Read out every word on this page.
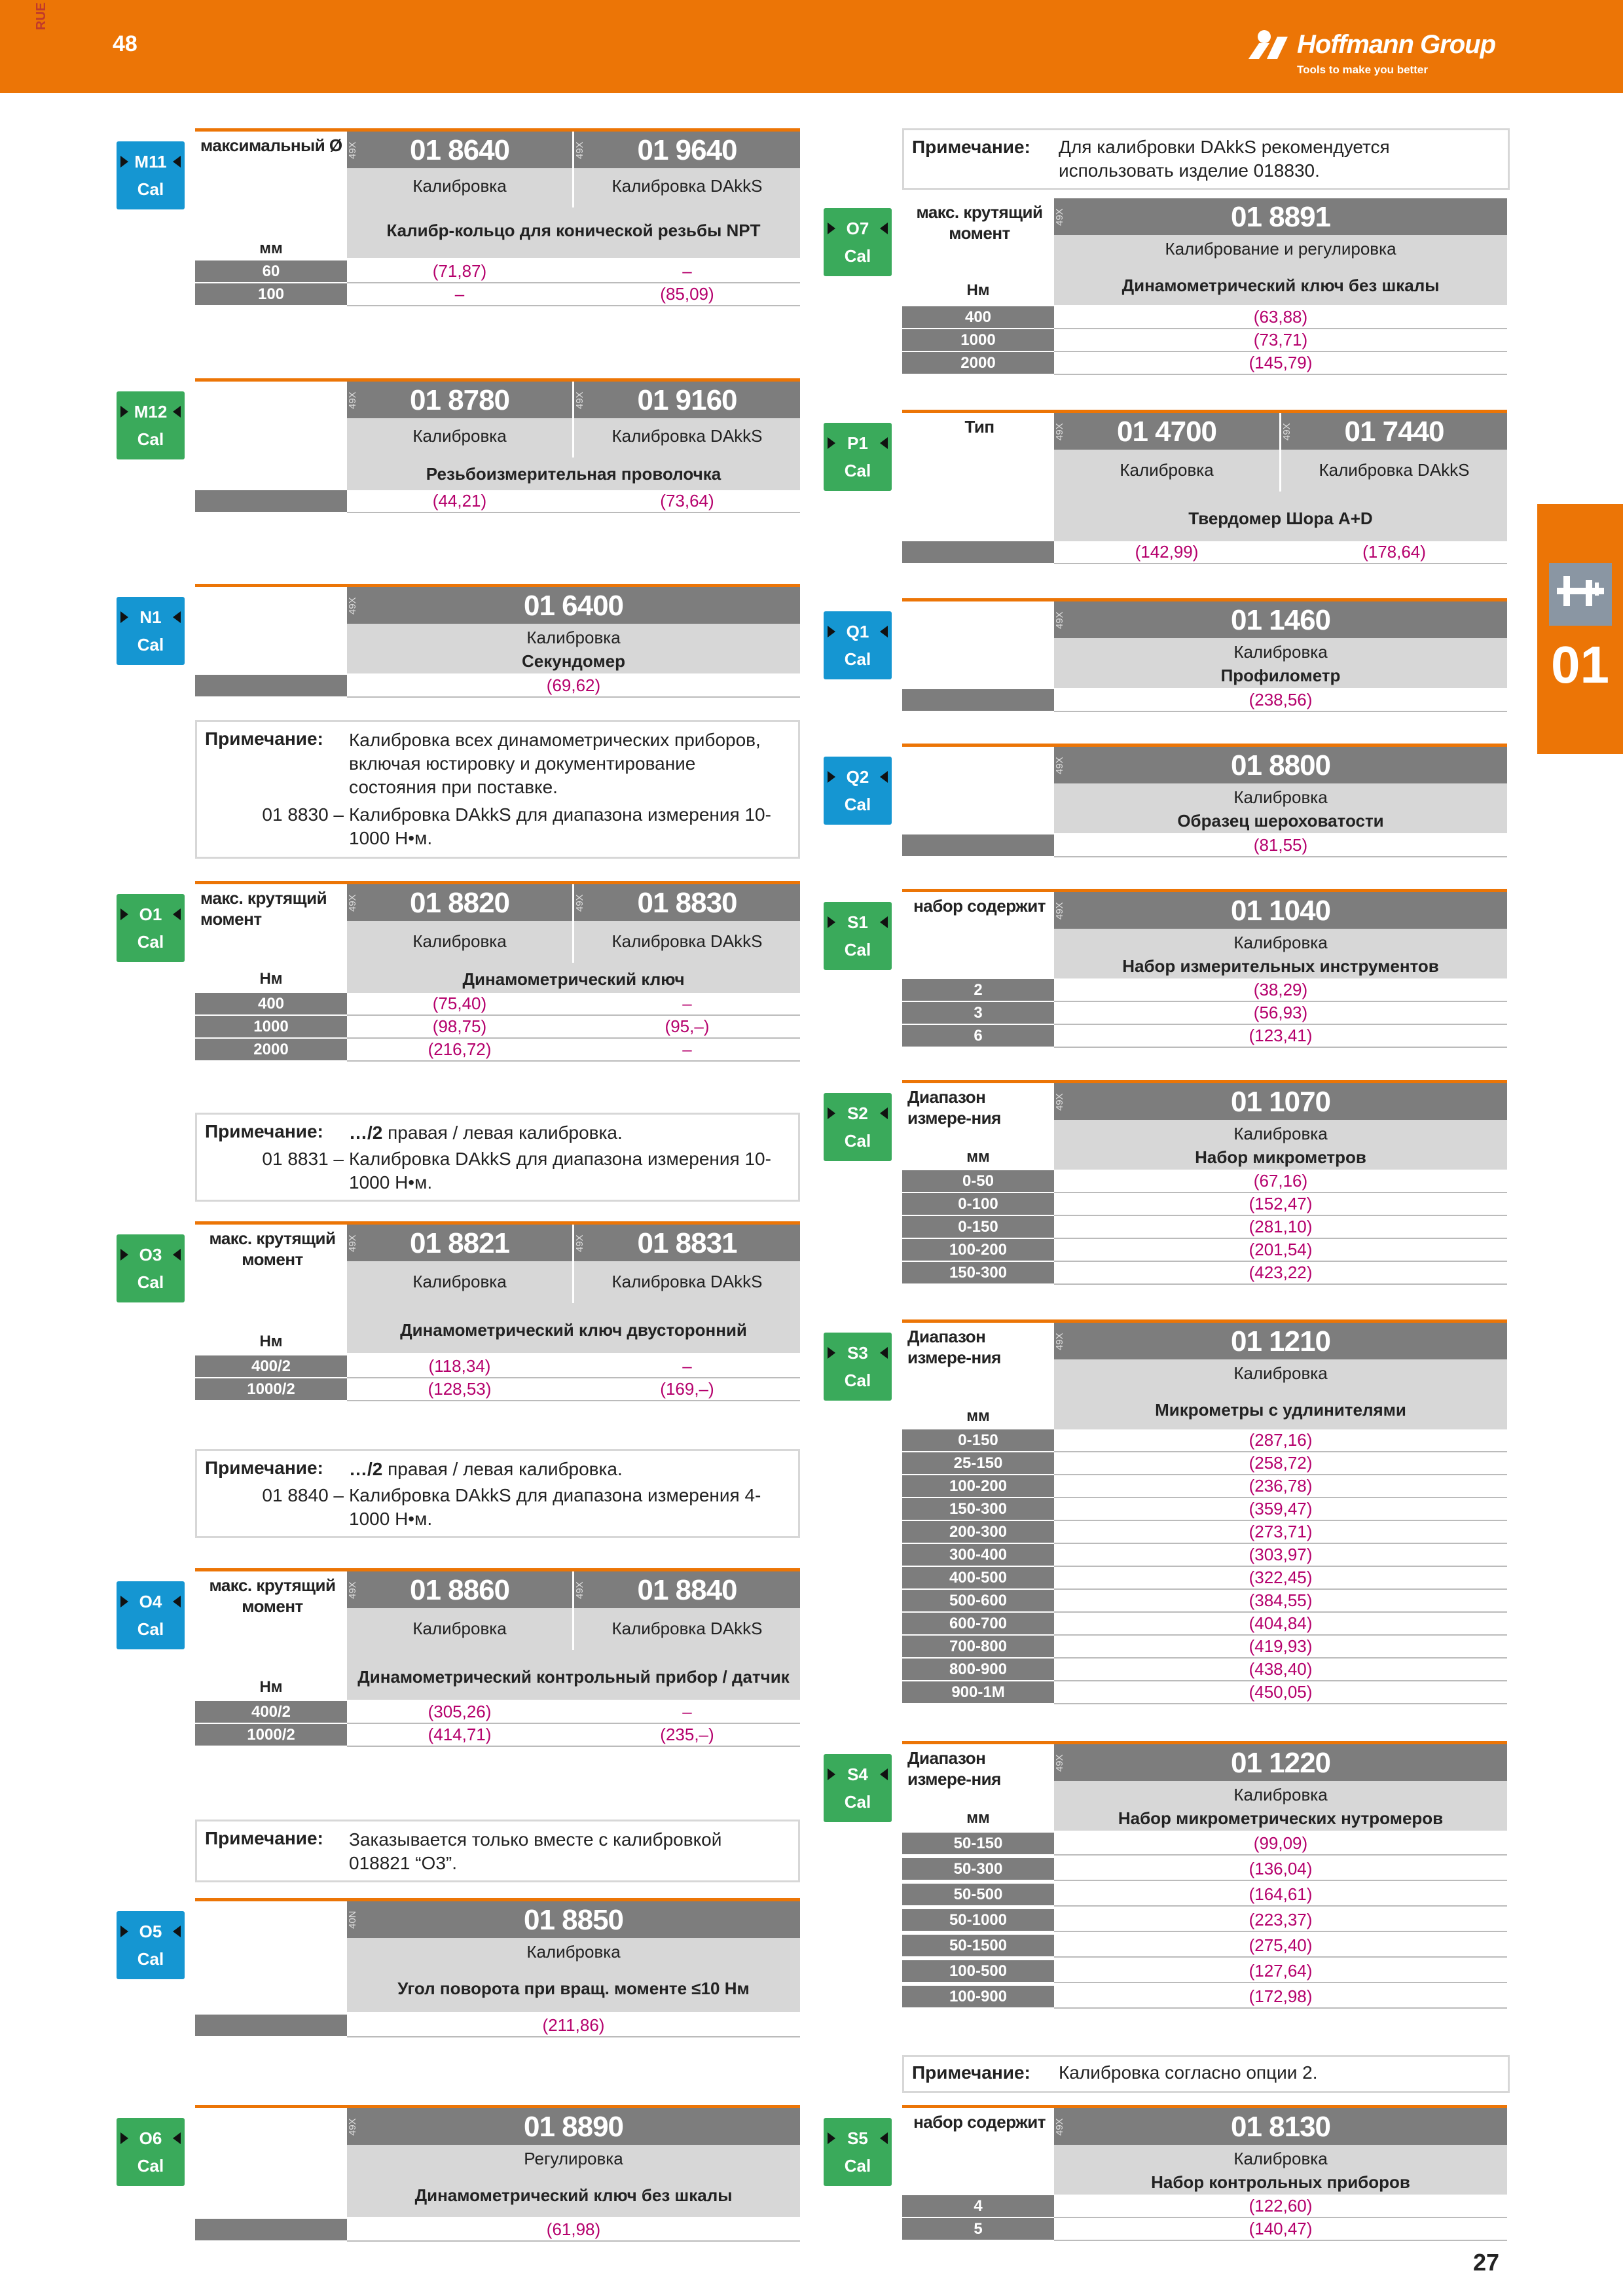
RUE
48	Hoffmann Group
Tools to make you better
01
M11
Cal
максимальный Ø
мм
49X	01 8640	49X	01 9640
Калибровка	Калибровка DAkkS
Калибр-кольцо для конической резьбы NPT
60	(71,87)	–
100	–	(85,09)
M12
Cal
49X	01 8780	49X	01 9160
Калибровка	Калибровка DAkkS
Резьбоизмерительная проволочка
(44,21)	(73,64)
N1
Cal
49X	01 6400
Калибровка
Секундомер
(69,62)
Примечание: Калибровка всех динамометрических приборов, включая юстировку и документирование состояния при поставке.
01 8830 – Калибровка DAkkS для диапазона измерения 10-1000 Н•м.
O1
Cal
макс. крутящий момент
Нм
49X	01 8820	49X	01 8830
Калибровка	Калибровка DAkkS
Динамометрический ключ
400	(75,40)	–
1000	(98,75)	(95,–)
2000	(216,72)	–
Примечание: …/2 правая / левая калибровка.
01 8831 – Калибровка DAkkS для диапазона измерения 10-1000 Н•м.
O3
Cal
макс. крутящий момент
Нм
49X	01 8821	49X	01 8831
Калибровка	Калибровка DAkkS
Динамометрический ключ двусторонний
400/2	(118,34)	–
1000/2	(128,53)	(169,–)
Примечание: …/2 правая / левая калибровка.
01 8840 – Калибровка DAkkS для диапазона измерения 4-1000 Н•м.
O4
Cal
макс. крутящий момент
Нм
49X	01 8860	49X	01 8840
Калибровка	Калибровка DAkkS
Динамометрический контрольный прибор / датчик
400/2	(305,26)	–
1000/2	(414,71)	(235,–)
Примечание: Заказывается только вместе с калибровкой 018821 “O3”.
O5
Cal
40N	01 8850
Калибровка
Угол поворота при вращ. моменте ≤10 Нм
(211,86)
O6
Cal
49X	01 8890
Регулировка
Динамометрический ключ без шкалы
(61,98)
Примечание: Для калибровки DAkkS рекомендуется использовать изделие 018830.
O7
Cal
макс. крутящий момент
Нм
49X	01 8891
Калибрование и регулировка
Динамометрический ключ без шкалы
400	(63,88)
1000	(73,71)
2000	(145,79)
P1
Cal
Тип	49X	01 4700	49X	01 7440
Калибровка	Калибровка DAkkS
Твердомер Шора A+D
(142,99)	(178,64)
Q1
Cal
49X	01 1460
Калибровка
Профилометр
(238,56)
Q2
Cal
49X	01 8800
Калибровка
Образец шероховатости
(81,55)
S1
Cal
набор содержит 49X	01 1040
Калибровка
Набор измерительных инструментов
2	(38,29)
3	(56,93)
6	(123,41)
S2
Cal
Диапазон измере-ния
мм
49X	01 1070
Калибровка
Набор микрометров
0-50	(67,16)
0-100	(152,47)
0-150	(281,10)
100-200	(201,54)
150-300	(423,22)
S3
Cal
Диапазон измере-ния
мм
49X	01 1210
Калибровка
Микрометры с удлинителями
0-150	(287,16)
25-150	(258,72)
100-200	(236,78)
150-300	(359,47)
200-300	(273,71)
300-400	(303,97)
400-500	(322,45)
500-600	(384,55)
600-700	(404,84)
700-800	(419,93)
800-900	(438,40)
900-1M	(450,05)
S4
Cal
Диапазон измере-ния
мм
49X	01 1220
Калибровка
Набор микрометрических нутромеров
50-150	(99,09)
50-300	(136,04)
50-500	(164,61)
50-1000	(223,37)
50-1500	(275,40)
100-500	(127,64)
100-900	(172,98)
Примечание: Калибровка согласно опции 2.
S5
Cal
набор содержит 49X	01 8130
Калибровка
Набор контрольных приборов
4	(122,60)
5	(140,47)
27
